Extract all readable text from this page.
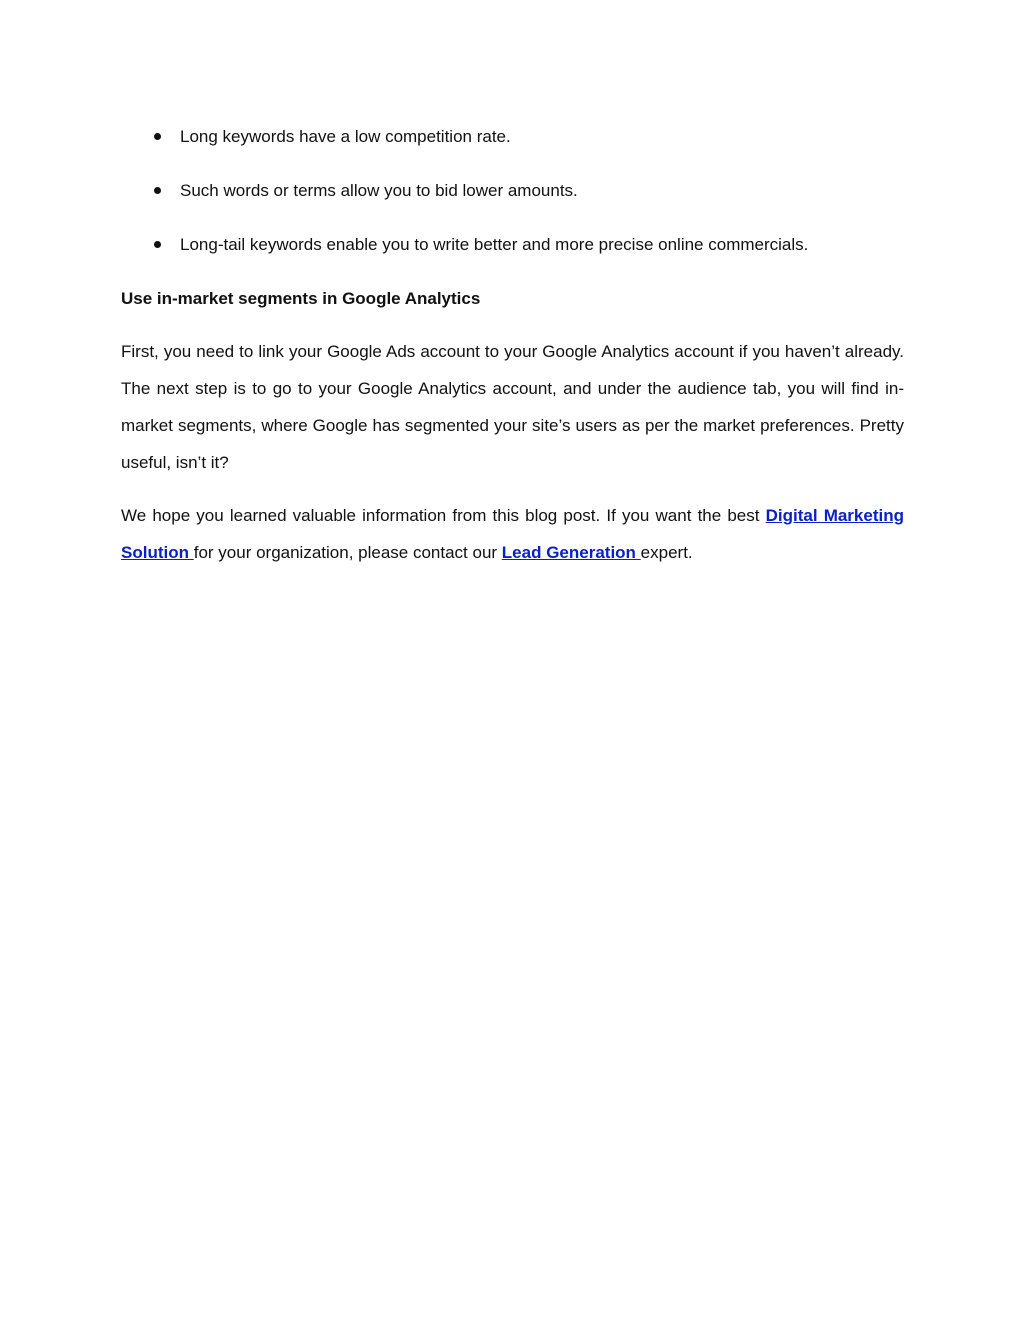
Long keywords have a low competition rate.
Such words or terms allow you to bid lower amounts.
Long-tail keywords enable you to write better and more precise online commercials.
Use in-market segments in Google Analytics

First, you need to link your Google Ads account to your Google Analytics account if you haven’t already. The next step is to go to your Google Analytics account, and under the audience tab, you will find in-market segments, where Google has segmented your site’s users as per the market preferences. Pretty useful, isn’t it?

We hope you learned valuable information from this blog post. If you want the best Digital Marketing Solution for your organization, please contact our Lead Generation expert.
